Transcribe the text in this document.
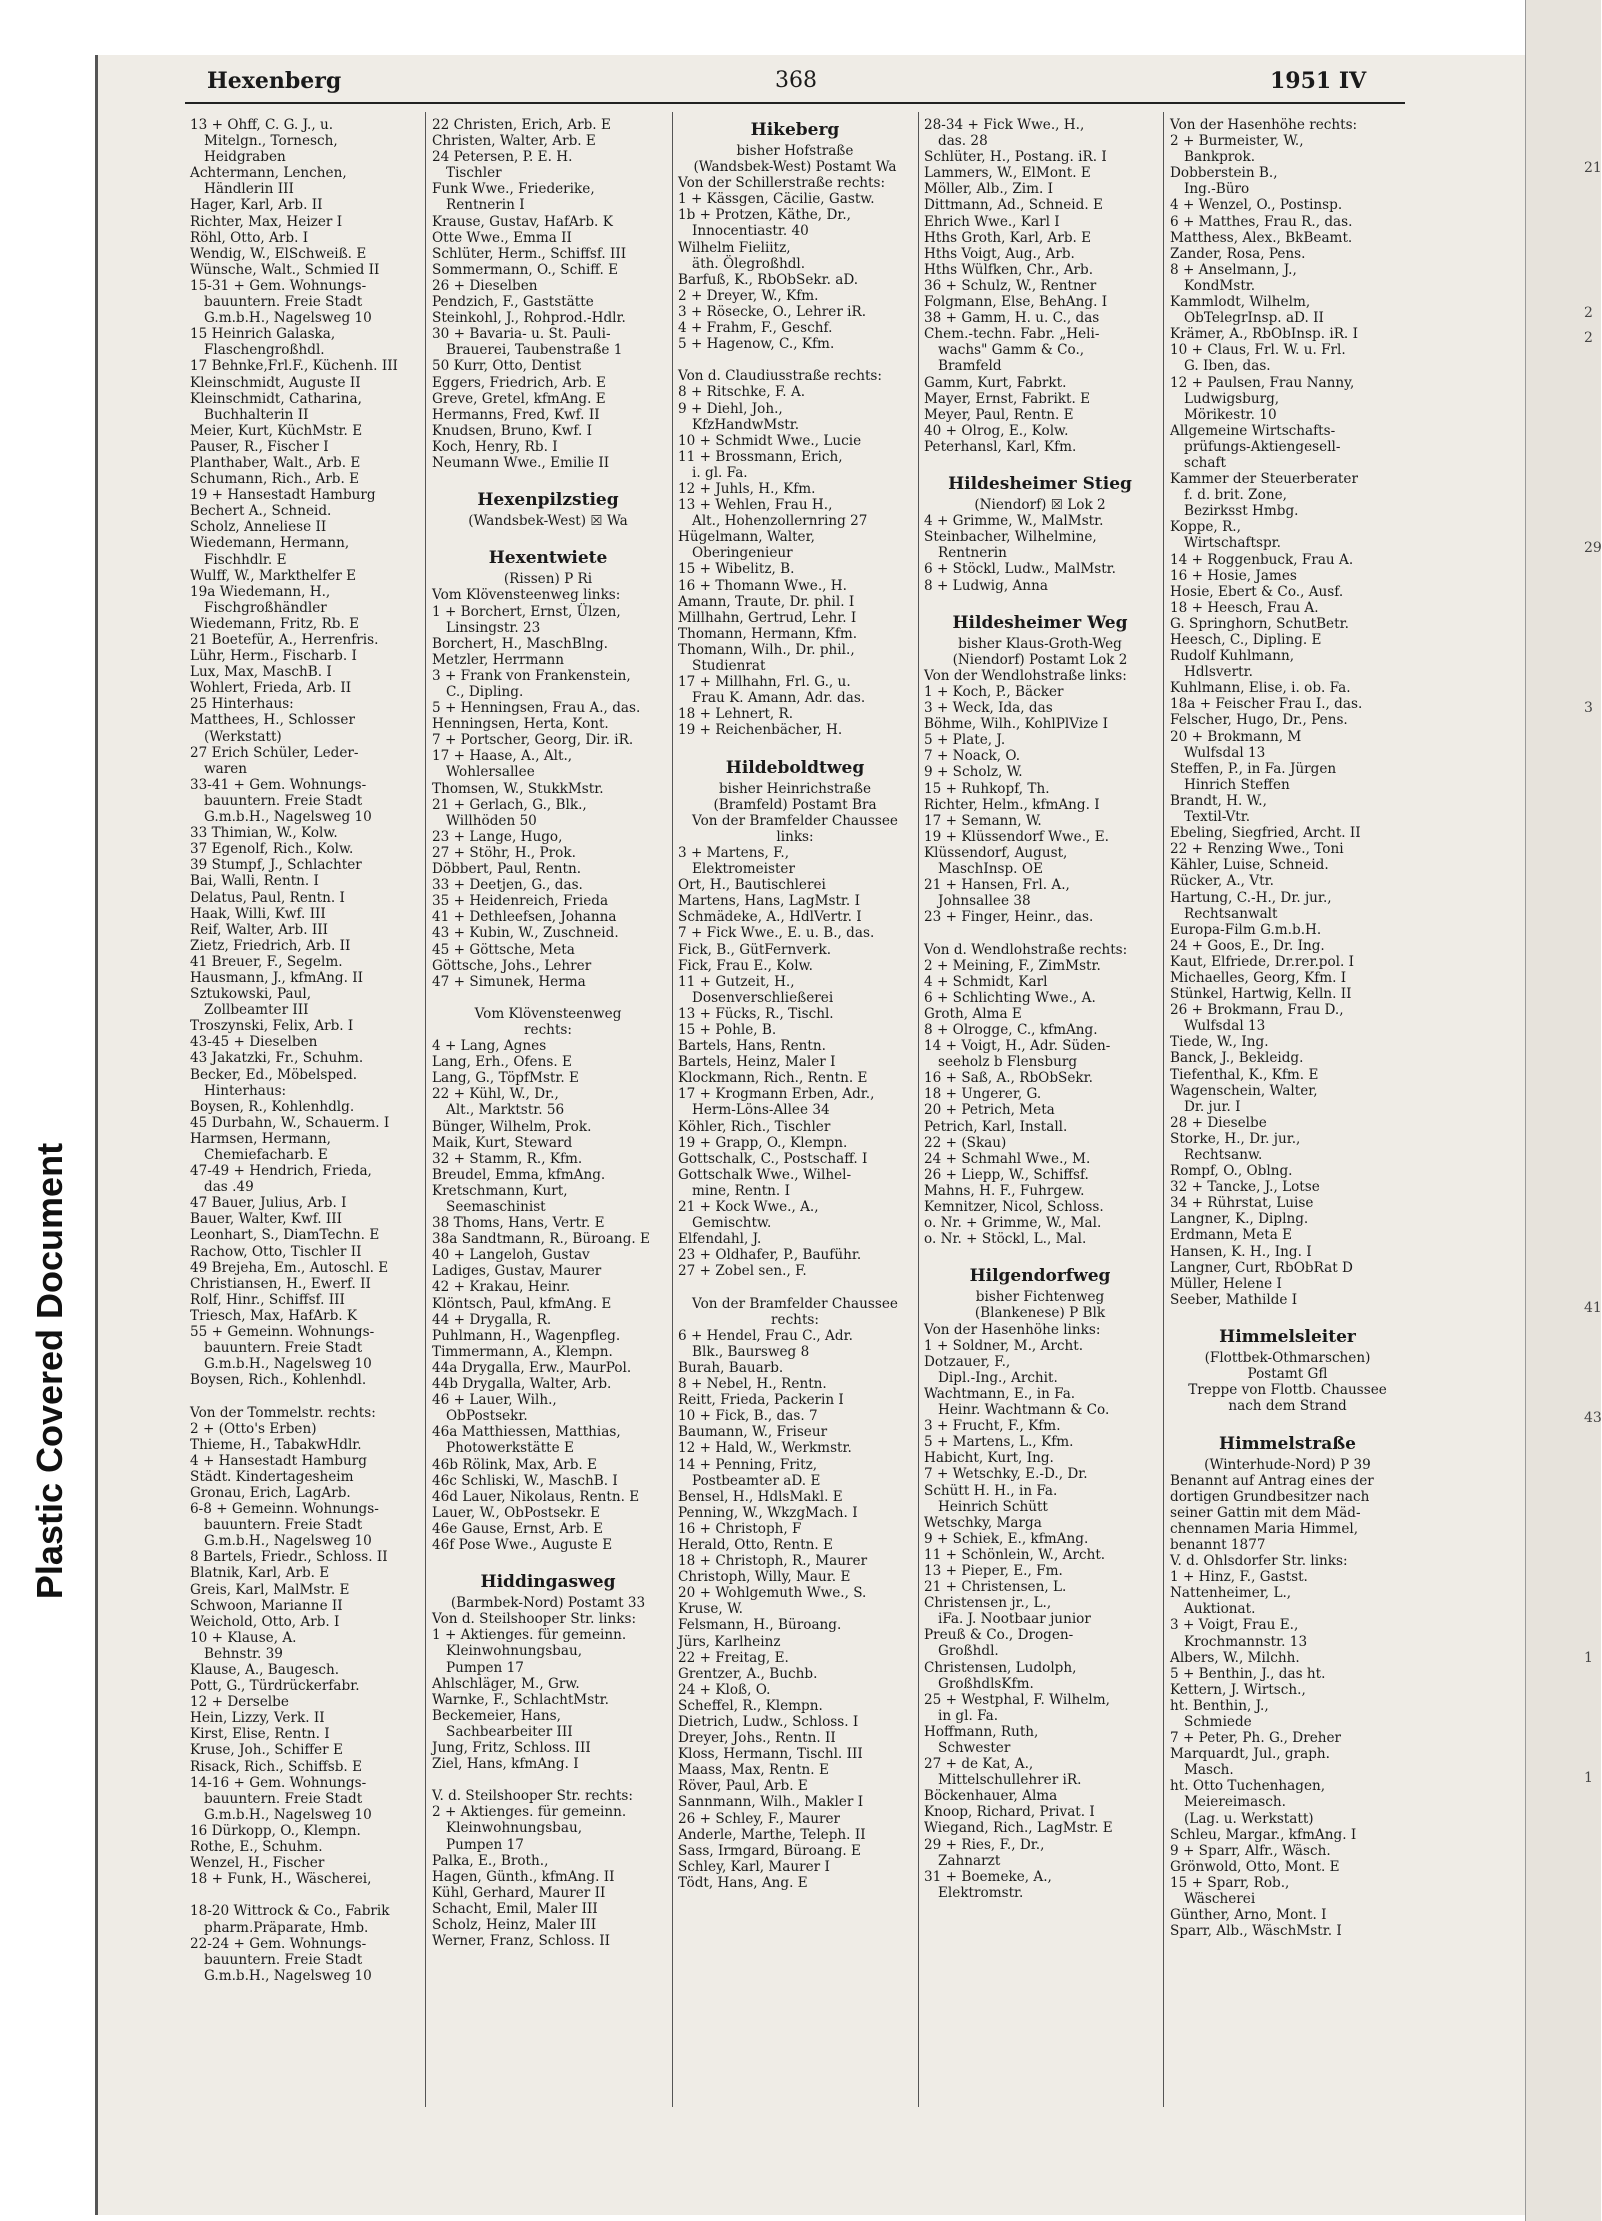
Plastic Covered Document
21
2
2
29
3
41
43
1
1
Hexenberg	368	1951 IV

13 + Ohff, C. G. J., u.

Mitelgn., Tornesch,

Heidgraben

Achtermann, Lenchen,

Händlerin III

Hager, Karl, Arb. II

Richter, Max, Heizer I

Röhl, Otto, Arb. I

Wendig, W., ElSchweiß. E

Wünsche, Walt., Schmied II

15-31 + Gem. Wohnungs-

bauuntern. Freie Stadt

G.m.b.H., Nagelsweg 10

15 Heinrich Galaska,

Flaschengroßhdl.

17 Behnke,Frl.F., Küchenh. III

Kleinschmidt, Auguste II

Kleinschmidt, Catharina,

Buchhalterin II

Meier, Kurt, KüchMstr. E

Pauser, R., Fischer I

Planthaber, Walt., Arb. E

Schumann, Rich., Arb. E

19 + Hansestadt Hamburg

Bechert A., Schneid.

Scholz, Anneliese II

Wiedemann, Hermann,

Fischhdlr. E

Wulff, W., Markthelfer E

19a Wiedemann, H.,

Fischgroßhändler

Wiedemann, Fritz, Rb. E

21 Boetefür, A., Herrenfris.

Lühr, Herm., Fischarb. I

Lux, Max, MaschB. I

Wohlert, Frieda, Arb. II

25 Hinterhaus:

Matthees, H., Schlosser

(Werkstatt)

27 Erich Schüler, Leder-

waren

33-41 + Gem. Wohnungs-

bauuntern. Freie Stadt

G.m.b.H., Nagelsweg 10

33 Thimian, W., Kolw.

37 Egenolf, Rich., Kolw.

39 Stumpf, J., Schlachter

Bai, Walli, Rentn. I

Delatus, Paul, Rentn. I

Haak, Willi, Kwf. III

Reif, Walter, Arb. III

Zietz, Friedrich, Arb. II

41 Breuer, F., Segelm.

Hausmann, J., kfmAng. II

Sztukowski, Paul,

Zollbeamter III

Troszynski, Felix, Arb. I

43-45 + Dieselben

43 Jakatzki, Fr., Schuhm.

Becker, Ed., Möbelsped.

Hinterhaus:

Boysen, R., Kohlenhdlg.

45 Durbahn, W., Schauerm. I

Harmsen, Hermann,

Chemiefacharb. E

47-49 + Hendrich, Frieda,

das .49

47 Bauer, Julius, Arb. I

Bauer, Walter, Kwf. III

Leonhart, S., DiamTechn. E

Rachow, Otto, Tischler II

49 Brejeha, Em., Autoschl. E

Christiansen, H., Ewerf. II

Rolf, Hinr., Schiffsf. III

Triesch, Max, HafArb. K

55 + Gemeinn. Wohnungs-

bauuntern. Freie Stadt

G.m.b.H., Nagelsweg 10

Boysen, Rich., Kohlenhdl.

Von der Tommelstr. rechts:

2 + (Otto's Erben)

Thieme, H., TabakwHdlr.

4 + Hansestadt Hamburg

Städt. Kindertagesheim

Gronau, Erich, LagArb.

6-8 + Gemeinn. Wohnungs-

bauuntern. Freie Stadt

G.m.b.H., Nagelsweg 10

8 Bartels, Friedr., Schloss. II

Blatnik, Karl, Arb. E

Greis, Karl, MalMstr. E

Schwoon, Marianne II

Weichold, Otto, Arb. I

10 + Klause, A.

Behnstr. 39

Klause, A., Baugesch.

Pott, G., Türdrückerfabr.

12 + Derselbe

Hein, Lizzy, Verk. II

Kirst, Elise, Rentn. I

Kruse, Joh., Schiffer E

Risack, Rich., Schiffsb. E

14-16 + Gem. Wohnungs-

bauuntern. Freie Stadt

G.m.b.H., Nagelsweg 10

16 Dürkopp, O., Klempn.

Rothe, E., Schuhm.

Wenzel, H., Fischer

18 + Funk, H., Wäscherei,

18-20 Wittrock & Co., Fabrik

pharm.Präparate, Hmb.

22-24 + Gem. Wohnungs-

bauuntern. Freie Stadt

G.m.b.H., Nagelsweg 10

22 Christen, Erich, Arb. E

Christen, Walter, Arb. E

24 Petersen, P. E. H.

Tischler

Funk Wwe., Friederike,

Rentnerin I

Krause, Gustav, HafArb. K

Otte Wwe., Emma II

Schlüter, Herm., Schiffsf. III

Sommermann, O., Schiff. E

26 + Dieselben

Pendzich, F., Gaststätte

Steinkohl, J., Rohprod.-Hdlr.

30 + Bavaria- u. St. Pauli-

Brauerei, Taubenstraße 1

50 Kurr, Otto, Dentist

Eggers, Friedrich, Arb. E

Greve, Gretel, kfmAng. E

Hermanns, Fred, Kwf. II

Knudsen, Bruno, Kwf. I

Koch, Henry, Rb. I

Neumann Wwe., Emilie II

Hexenpilzstieg

(Wandsbek-West) ☒ Wa

Hexentwiete

(Rissen) P Ri

Vom Klövensteenweg links:

1 + Borchert, Ernst, Ülzen,

Linsingstr. 23

Borchert, H., MaschBlng.

Metzler, Herrmann

3 + Frank von Frankenstein,

C., Dipling.

5 + Henningsen, Frau A., das.

Henningsen, Herta, Kont.

7 + Portscher, Georg, Dir. iR.

17 + Haase, A., Alt.,

Wohlersallee

Thomsen, W., StukkMstr.

21 + Gerlach, G., Blk.,

Willhöden 50

23 + Lange, Hugo,

27 + Stöhr, H., Prok.

Döbbert, Paul, Rentn.

33 + Deetjen, G., das.

35 + Heidenreich, Frieda

41 + Dethleefsen, Johanna

43 + Kubin, W., Zuschneid.

45 + Göttsche, Meta

Göttsche, Johs., Lehrer

47 + Simunek, Herma

Vom Klövensteenweg

rechts:

4 + Lang, Agnes

Lang, Erh., Ofens. E

Lang, G., TöpfMstr. E

22 + Kühl, W., Dr.,

Alt., Marktstr. 56

Bünger, Wilhelm, Prok.

Maik, Kurt, Steward

32 + Stamm, R., Kfm.

Breudel, Emma, kfmAng.

Kretschmann, Kurt,

Seemaschinist

38 Thoms, Hans, Vertr. E

38a Sandtmann, R., Büroang. E

40 + Langeloh, Gustav

Ladiges, Gustav, Maurer

42 + Krakau, Heinr.

Klöntsch, Paul, kfmAng. E

44 + Drygalla, R.

Puhlmann, H., Wagenpfleg.

Timmermann, A., Klempn.

44a Drygalla, Erw., MaurPol.

44b Drygalla, Walter, Arb.

46 + Lauer, Wilh.,

ObPostsekr.

46a Matthiessen, Matthias,

Photowerkstätte E

46b Rölink, Max, Arb. E

46c Schliski, W., MaschB. I

46d Lauer, Nikolaus, Rentn. E

Lauer, W., ObPostsekr. E

46e Gause, Ernst, Arb. E

46f Pose Wwe., Auguste E

Hiddingasweg

(Barmbek-Nord) Postamt 33

Von d. Steilshooper Str. links:

1 + Aktienges. für gemeinn.

Kleinwohnungsbau,

Pumpen 17

Ahlschläger, M., Grw.

Warnke, F., SchlachtMstr.

Beckemeier, Hans,

Sachbearbeiter III

Jung, Fritz, Schloss. III

Ziel, Hans, kfmAng. I

V. d. Steilshooper Str. rechts:

2 + Aktienges. für gemeinn.

Kleinwohnungsbau,

Pumpen 17

Palka, E., Broth.,

Hagen, Günth., kfmAng. II

Kühl, Gerhard, Maurer II

Schacht, Emil, Maler III

Scholz, Heinz, Maler III

Werner, Franz, Schloss. II

Hikeberg

bisher Hofstraße

(Wandsbek-West) Postamt Wa

Von der Schillerstraße rechts:

1 + Kässgen, Cäcilie, Gastw.

1b + Protzen, Käthe, Dr.,

Innocentiastr. 40

Wilhelm Fieliitz,

äth. Ölegroßhdl.

Barfuß, K., RbObSekr. aD.

2 + Dreyer, W., Kfm.

3 + Rösecke, O., Lehrer iR.

4 + Frahm, F., Geschf.

5 + Hagenow, C., Kfm.

Von d. Claudiusstraße rechts:

8 + Ritschke, F. A.

9 + Diehl, Joh.,

KfzHandwMstr.

10 + Schmidt Wwe., Lucie

11 + Brossmann, Erich,

i. gl. Fa.

12 + Juhls, H., Kfm.

13 + Wehlen, Frau H.,

Alt., Hohenzollernring 27

Hügelmann, Walter,

Oberingenieur

15 + Wibelitz, B.

16 + Thomann Wwe., H.

Amann, Traute, Dr. phil. I

Millhahn, Gertrud, Lehr. I

Thomann, Hermann, Kfm.

Thomann, Wilh., Dr. phil.,

Studienrat

17 + Millhahn, Frl. G., u.

Frau K. Amann, Adr. das.

18 + Lehnert, R.

19 + Reichenbächer, H.

Hildeboldtweg

bisher Heinrichstraße

(Bramfeld) Postamt Bra

Von der Bramfelder Chaussee

links:

3 + Martens, F.,

Elektromeister

Ort, H., Bautischlerei

Martens, Hans, LagMstr. I

Schmädeke, A., HdlVertr. I

7 + Fick Wwe., E. u. B., das.

Fick, B., GütFernverk.

Fick, Frau E., Kolw.

11 + Gutzeit, H.,

Dosenverschließerei

13 + Fücks, R., Tischl.

15 + Pohle, B.

Bartels, Hans, Rentn.

Bartels, Heinz, Maler I

Klockmann, Rich., Rentn. E

17 + Krogmann Erben, Adr.,

Herm-Löns-Allee 34

Köhler, Rich., Tischler

19 + Grapp, O., Klempn.

Gottschalk, C., Postschaff. I

Gottschalk Wwe., Wilhel-

mine, Rentn. I

21 + Kock Wwe., A.,

Gemischtw.

Elfendahl, J.

23 + Oldhafer, P., Bauführ.

27 + Zobel sen., F.

Von der Bramfelder Chaussee

rechts:

6 + Hendel, Frau C., Adr.

Blk., Baursweg 8

Burah, Bauarb.

8 + Nebel, H., Rentn.

Reitt, Frieda, Packerin I

10 + Fick, B., das. 7

Baumann, W., Friseur

12 + Hald, W., Werkmstr.

14 + Penning, Fritz,

Postbeamter aD. E

Bensel, H., HdlsMakl. E

Penning, W., WkzgMach. I

16 + Christoph, F

Herald, Otto, Rentn. E

18 + Christoph, R., Maurer

Christoph, Willy, Maur. E

20 + Wohlgemuth Wwe., S.

Kruse, W.

Felsmann, H., Büroang.

Jürs, Karlheinz

22 + Freitag, E.

Grentzer, A., Buchb.

24 + Kloß, O.

Scheffel, R., Klempn.

Dietrich, Ludw., Schloss. I

Dreyer, Johs., Rentn. II

Kloss, Hermann, Tischl. III

Maass, Max, Rentn. E

Röver, Paul, Arb. E

Sannmann, Wilh., Makler I

26 + Schley, F., Maurer

Anderle, Marthe, Teleph. II

Sass, Irmgard, Büroang. E

Schley, Karl, Maurer I

Tödt, Hans, Ang. E

28-34 + Fick Wwe., H.,

das. 28

Schlüter, H., Postang. iR. I

Lammers, W., ElMont. E

Möller, Alb., Zim. I

Dittmann, Ad., Schneid. E

Ehrich Wwe., Karl I

Hths Groth, Karl, Arb. E

Hths Voigt, Aug., Arb.

Hths Wülfken, Chr., Arb.

36 + Schulz, W., Rentner

Folgmann, Else, BehAng. I

38 + Gamm, H. u. C., das

Chem.-techn. Fabr. „Heli-

wachs" Gamm & Co.,

Bramfeld

Gamm, Kurt, Fabrkt.

Mayer, Ernst, Fabrikt. E

Meyer, Paul, Rentn. E

40 + Olrog, E., Kolw.

Peterhansl, Karl, Kfm.

Hildesheimer Stieg

(Niendorf) ☒ Lok 2

4 + Grimme, W., MalMstr.

Steinbacher, Wilhelmine,

Rentnerin

6 + Stöckl, Ludw., MalMstr.

8 + Ludwig, Anna

Hildesheimer Weg

bisher Klaus-Groth-Weg

(Niendorf) Postamt Lok 2

Von der Wendlohstraße links:

1 + Koch, P., Bäcker

3 + Weck, Ida, das

Böhme, Wilh., KohlPlVize I

5 + Plate, J.

7 + Noack, O.

9 + Scholz, W.

15 + Ruhkopf, Th.

Richter, Helm., kfmAng. I

17 + Semann, W.

19 + Klüssendorf Wwe., E.

Klüssendorf, August,

MaschInsp. OE

21 + Hansen, Frl. A.,

Johnsallee 38

23 + Finger, Heinr., das.

Von d. Wendlohstraße rechts:

2 + Meining, F., ZimMstr.

4 + Schmidt, Karl

6 + Schlichting Wwe., A.

Groth, Alma E

8 + Olrogge, C., kfmAng.

14 + Voigt, H., Adr. Süden-

seeholz b Flensburg

16 + Saß, A., RbObSekr.

18 + Ungerer, G.

20 + Petrich, Meta

Petrich, Karl, Install.

22 + (Skau)

24 + Schmahl Wwe., M.

26 + Liepp, W., Schiffsf.

Mahns, H. F., Fuhrgew.

Kemnitzer, Nicol, Schloss.

o. Nr. + Grimme, W., Mal.

o. Nr. + Stöckl, L., Mal.

Hilgendorfweg

bisher Fichtenweg

(Blankenese) P Blk

Von der Hasenhöhe links:

1 + Soldner, M., Archt.

Dotzauer, F.,

Dipl.-Ing., Archit.

Wachtmann, E., in Fa.

Heinr. Wachtmann & Co.

3 + Frucht, F., Kfm.

5 + Martens, L., Kfm.

Habicht, Kurt, Ing.

7 + Wetschky, E.-D., Dr.

Schütt H. H., in Fa.

Heinrich Schütt

Wetschky, Marga

9 + Schiek, E., kfmAng.

11 + Schönlein, W., Archt.

13 + Pieper, E., Fm.

21 + Christensen, L.

Christensen jr., L.,

iFa. J. Nootbaar junior

Preuß & Co., Drogen-

Großhdl.

Christensen, Ludolph,

GroßhdlsKfm.

25 + Westphal, F. Wilhelm,

in gl. Fa.

Hoffmann, Ruth,

Schwester

27 + de Kat, A.,

Mittelschullehrer iR.

Böckenhauer, Alma

Knoop, Richard, Privat. I

Wiegand, Rich., LagMstr. E

29 + Ries, F., Dr.,

Zahnarzt

31 + Boemeke, A.,

Elektromstr.

Von der Hasenhöhe rechts:

2 + Burmeister, W.,

Bankprok.

Dobberstein B.,

Ing.-Büro

4 + Wenzel, O., Postinsp.

6 + Matthes, Frau R., das.

Matthess, Alex., BkBeamt.

Zander, Rosa, Pens.

8 + Anselmann, J.,

KondMstr.

Kammlodt, Wilhelm,

ObTelegrInsp. aD. II

Krämer, A., RbObInsp. iR. I

10 + Claus, Frl. W. u. Frl.

G. Iben, das.

12 + Paulsen, Frau Nanny,

Ludwigsburg,

Mörikestr. 10

Allgemeine Wirtschafts-

prüfungs-Aktiengesell-

schaft

Kammer der Steuerberater

f. d. brit. Zone,

Bezirksst Hmbg.

Koppe, R.,

Wirtschaftspr.

14 + Roggenbuck, Frau A.

16 + Hosie, James

Hosie, Ebert & Co., Ausf.

18 + Heesch, Frau A.

G. Springhorn, SchutBetr.

Heesch, C., Dipling. E

Rudolf Kuhlmann,

Hdlsvertr.

Kuhlmann, Elise, i. ob. Fa.

18a + Feischer Frau I., das.

Felscher, Hugo, Dr., Pens.

20 + Brokmann, M

Wulfsdal 13

Steffen, P., in Fa. Jürgen

Hinrich Steffen

Brandt, H. W.,

Textil-Vtr.

Ebeling, Siegfried, Archt. II

22 + Renzing Wwe., Toni

Kähler, Luise, Schneid.

Rücker, A., Vtr.

Hartung, C.-H., Dr. jur.,

Rechtsanwalt

Europa-Film G.m.b.H.

24 + Goos, E., Dr. Ing.

Kaut, Elfriede, Dr.rer.pol. I

Michaelles, Georg, Kfm. I

Stünkel, Hartwig, Kelln. II

26 + Brokmann, Frau D.,

Wulfsdal 13

Tiede, W., Ing.

Banck, J., Bekleidg.

Tiefenthal, K., Kfm. E

Wagenschein, Walter,

Dr. jur. I

28 + Dieselbe

Storke, H., Dr. jur.,

Rechtsanw.

Rompf, O., Oblng.

32 + Tancke, J., Lotse

34 + Rührstat, Luise

Langner, K., Diplng.

Erdmann, Meta E

Hansen, K. H., Ing. I

Langner, Curt, RbObRat D

Müller, Helene I

Seeber, Mathilde I

Himmelsleiter

(Flottbek-Othmarschen)

Postamt Gfl

Treppe von Flottb. Chaussee

nach dem Strand

Himmelstraße

(Winterhude-Nord) P 39

Benannt auf Antrag eines der

dortigen Grundbesitzer nach

seiner Gattin mit dem Mäd-

chennamen Maria Himmel,

benannt 1877

V. d. Ohlsdorfer Str. links:

1 + Hinz, F., Gastst.

Nattenheimer, L.,

Auktionat.

3 + Voigt, Frau E.,

Krochmannstr. 13

Albers, W., Milchh.

5 + Benthin, J., das ht.

Kettern, J. Wirtsch.,

ht. Benthin, J.,

Schmiede

7 + Peter, Ph. G., Dreher

Marquardt, Jul., graph.

Masch.

ht. Otto Tuchenhagen,

Meiereimasch.

(Lag. u. Werkstatt)

Schleu, Margar., kfmAng. I

9 + Sparr, Alfr., Wäsch.

Grönwold, Otto, Mont. E

15 + Sparr, Rob.,

Wäscherei

Günther, Arno, Mont. I

Sparr, Alb., WäschMstr. I
